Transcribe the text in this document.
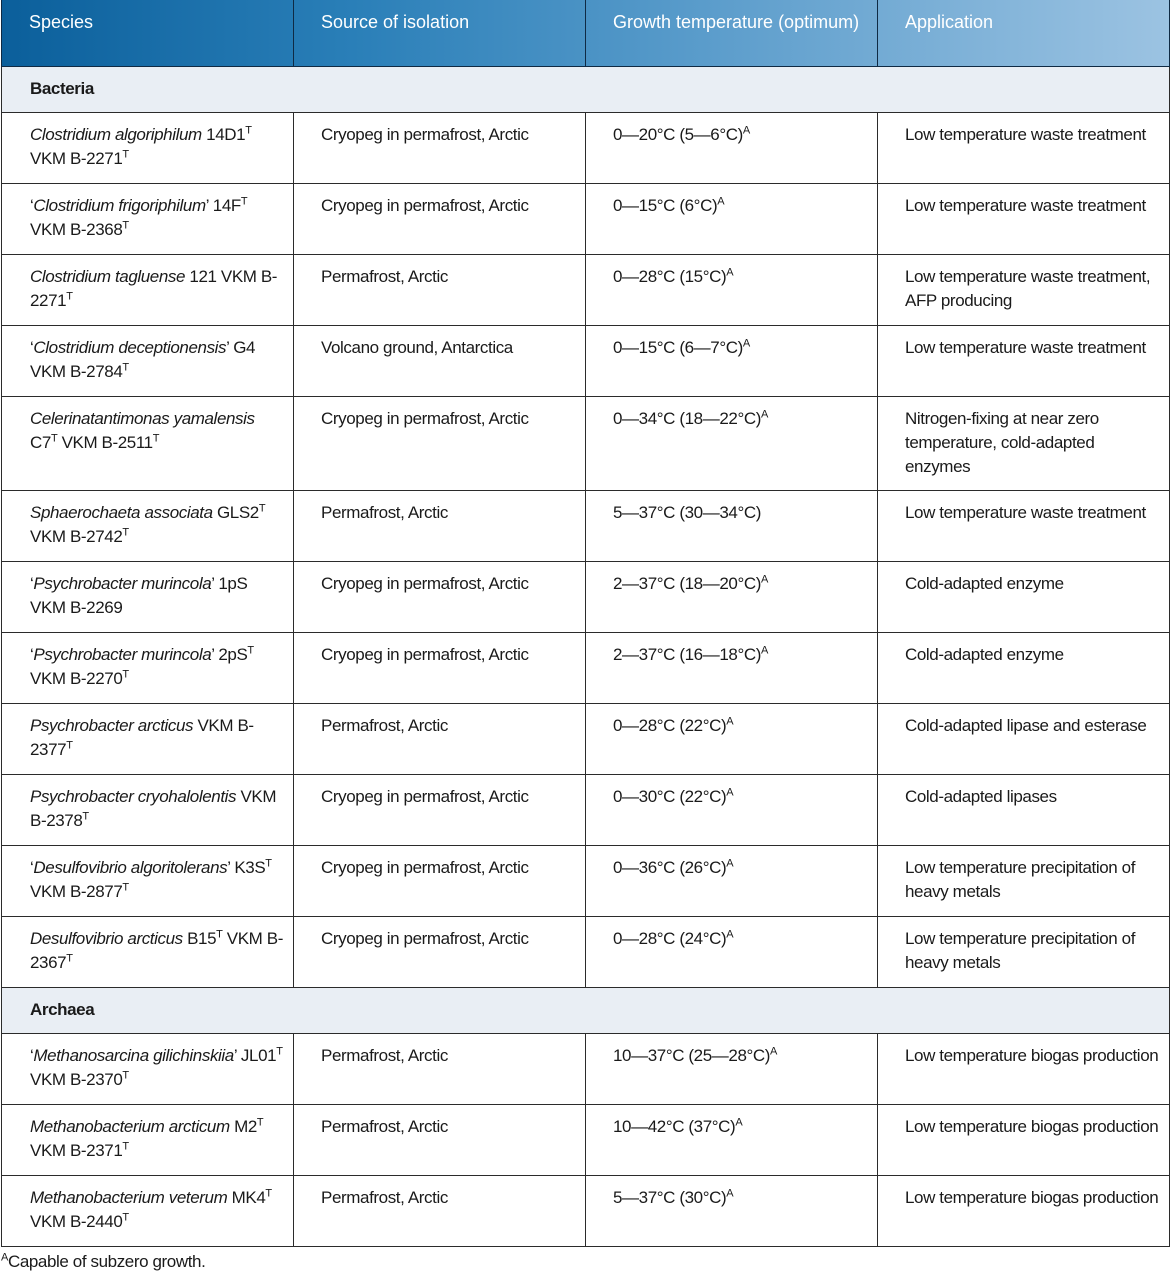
Species	Source of isolation	Growth temperature (optimum)	Application
Bacteria			
Clostridium algoriphilum $14D1^T$ VKM $B-2271^T$	Cryopeg in permafrost, Arctic	0—20°C (5—6°C)$^A$	Low temperature waste treatment
‘Clostridium frigoriphilum’ $14F^T$ VKM $B-2368^T$	Cryopeg in permafrost, Arctic	0—15°C $(6^\circ C)^A$	Low temperature waste treatment
Clostridium tagluense 121 VKM $B-2271^T$	Permafrost, Arctic	0—28°C $(15^\circ C)^A$	Low temperature waste treatment, AFP producing
‘Clostridium deceptionensis’ G4 VKM $B-2784^T$	Volcano ground, Antarctica	0—15°C (6—7°C)$^A$	Low temperature waste treatment
Celerinatantimonas yamalensis $C7^T$ VKM $B-2511^T$	Cryopeg in permafrost, Arctic	0—34°C (18—22°C)$^A$	Nitrogen-fixing at near zero temperature, cold-adapted enzymes
Sphaerochaeta associata $GLS2^T$ VKM $B-2742^T$	Permafrost, Arctic	5—37°C (30—34°C)	Low temperature waste treatment
‘Psychrobacter murincola’ 1pS VKM B-2269	Cryopeg in permafrost, Arctic	2—37°C (18—20°C)$^A$	Cold-adapted enzyme
‘Psychrobacter murincola’ $2pS^T$ VKM $B-2270^T$	Cryopeg in permafrost, Arctic	2—37°C (16—18°C)$^A$	Cold-adapted enzyme
Psychrobacter arcticus VKM $B-2377^T$	Permafrost, Arctic	0—28°C $(22^\circ C)^A$	Cold-adapted lipase and esterase
Psychrobacter cryohalolentis VKM $B-2378^T$	Cryopeg in permafrost, Arctic	0—30°C $(22^\circ C)^A$	Cold-adapted lipases
‘Desulfovibrio algoritolerans’ $K3S^T$ VKM $B-2877^T$	Cryopeg in permafrost, Arctic	0—36°C $(26^\circ C)^A$	Low temperature precipitation of heavy metals
Desulfovibrio arcticus $B15^T$ VKM $B-2367^T$	Cryopeg in permafrost, Arctic	0—28°C $(24^\circ C)^A$	Low temperature precipitation of heavy metals
Archaea			
‘Methanosarcina gilichinskiia’ $JL01^T$ VKM $B-2370^T$	Permafrost, Arctic	10—37°C (25—28°C)$^A$	Low temperature biogas production
Methanobacterium arcticum $M2^T$ VKM $B-2371^T$	Permafrost, Arctic	10—42°C $(37^\circ C)^A$	Low temperature biogas production
Methanobacterium veterum $MK4^T$ VKM $B-2440^T$	Permafrost, Arctic	5—37°C $(30^\circ C)^A$	Low temperature biogas production
$^A$Capable of subzero growth.
